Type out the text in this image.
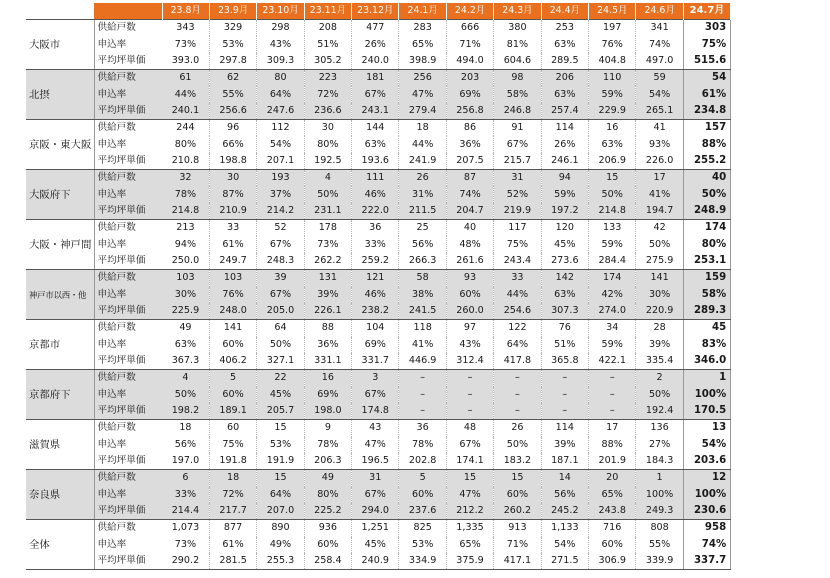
		23.8月	23.9月	23.10月	23.11月	23.12月	24.1月	24.2月	24.3月	24.4月	24.5月	24.6月	24.7月
大阪市	供給戸数	343	329	298	208	477	283	666	380	253	197	341	303
	申込率	73%	53%	43%	51%	26%	65%	71%	81%	63%	76%	74%	75%
	平均坪単価	393.0	297.8	309.3	305.2	240.0	398.9	494.0	604.6	289.5	404.8	497.0	515.6
北摂	供給戸数	61	62	80	223	181	256	203	98	206	110	59	54
	申込率	44%	55%	64%	72%	67%	47%	69%	58%	63%	59%	54%	61%
	平均坪単価	240.1	256.6	247.6	236.6	243.1	279.4	256.8	246.8	257.4	229.9	265.1	234.8
京阪・東大阪	供給戸数	244	96	112	30	144	18	86	91	114	16	41	157
	申込率	80%	66%	54%	80%	63%	44%	36%	67%	26%	63%	93%	88%
	平均坪単価	210.8	198.8	207.1	192.5	193.6	241.9	207.5	215.7	246.1	206.9	226.0	255.2
大阪府下	供給戸数	32	30	193	4	111	26	87	31	94	15	17	40
	申込率	78%	87%	37%	50%	46%	31%	74%	52%	59%	50%	41%	50%
	平均坪単価	214.8	210.9	214.2	231.1	222.0	211.5	204.7	219.9	197.2	214.8	194.7	248.9
大阪・神戸間	供給戸数	213	33	52	178	36	25	40	117	120	133	42	174
	申込率	94%	61%	67%	73%	33%	56%	48%	75%	45%	59%	50%	80%
	平均坪単価	250.0	249.7	248.3	262.2	259.2	266.3	261.6	243.4	273.6	284.4	275.9	253.1
神戸市以西・他	供給戸数	103	103	39	131	121	58	93	33	142	174	141	159
	申込率	30%	76%	67%	39%	46%	38%	60%	44%	63%	42%	30%	58%
	平均坪単価	225.9	248.0	205.0	226.1	238.2	241.5	260.0	254.6	307.3	274.0	220.9	289.3
京都市	供給戸数	49	141	64	88	104	118	97	122	76	34	28	45
	申込率	63%	60%	50%	36%	69%	41%	43%	64%	51%	59%	39%	83%
	平均坪単価	367.3	406.2	327.1	331.1	331.7	446.9	312.4	417.8	365.8	422.1	335.4	346.0
京都府下	供給戸数	4	5	22	16	3	–	–	–	–	–	2	1
	申込率	50%	60%	45%	69%	67%	–	–	–	–	–	50%	100%
	平均坪単価	198.2	189.1	205.7	198.0	174.8	–	–	–	–	–	192.4	170.5
滋賀県	供給戸数	18	60	15	9	43	36	48	26	114	17	136	13
	申込率	56%	75%	53%	78%	47%	78%	67%	50%	39%	88%	27%	54%
	平均坪単価	197.0	191.8	191.9	206.3	196.5	202.8	174.1	183.2	187.1	201.9	184.3	203.6
奈良県	供給戸数	6	18	15	49	31	5	15	15	14	20	1	12
	申込率	33%	72%	64%	80%	67%	60%	47%	60%	56%	65%	100%	100%
	平均坪単価	214.4	217.7	207.0	225.2	294.0	237.6	212.2	260.2	245.2	243.8	249.3	230.6
全体	供給戸数	1,073	877	890	936	1,251	825	1,335	913	1,133	716	808	958
	申込率	73%	61%	49%	60%	45%	53%	65%	71%	54%	60%	55%	74%
	平均坪単価	290.2	281.5	255.3	258.4	240.9	334.9	375.9	417.1	271.5	306.9	339.9	337.7
